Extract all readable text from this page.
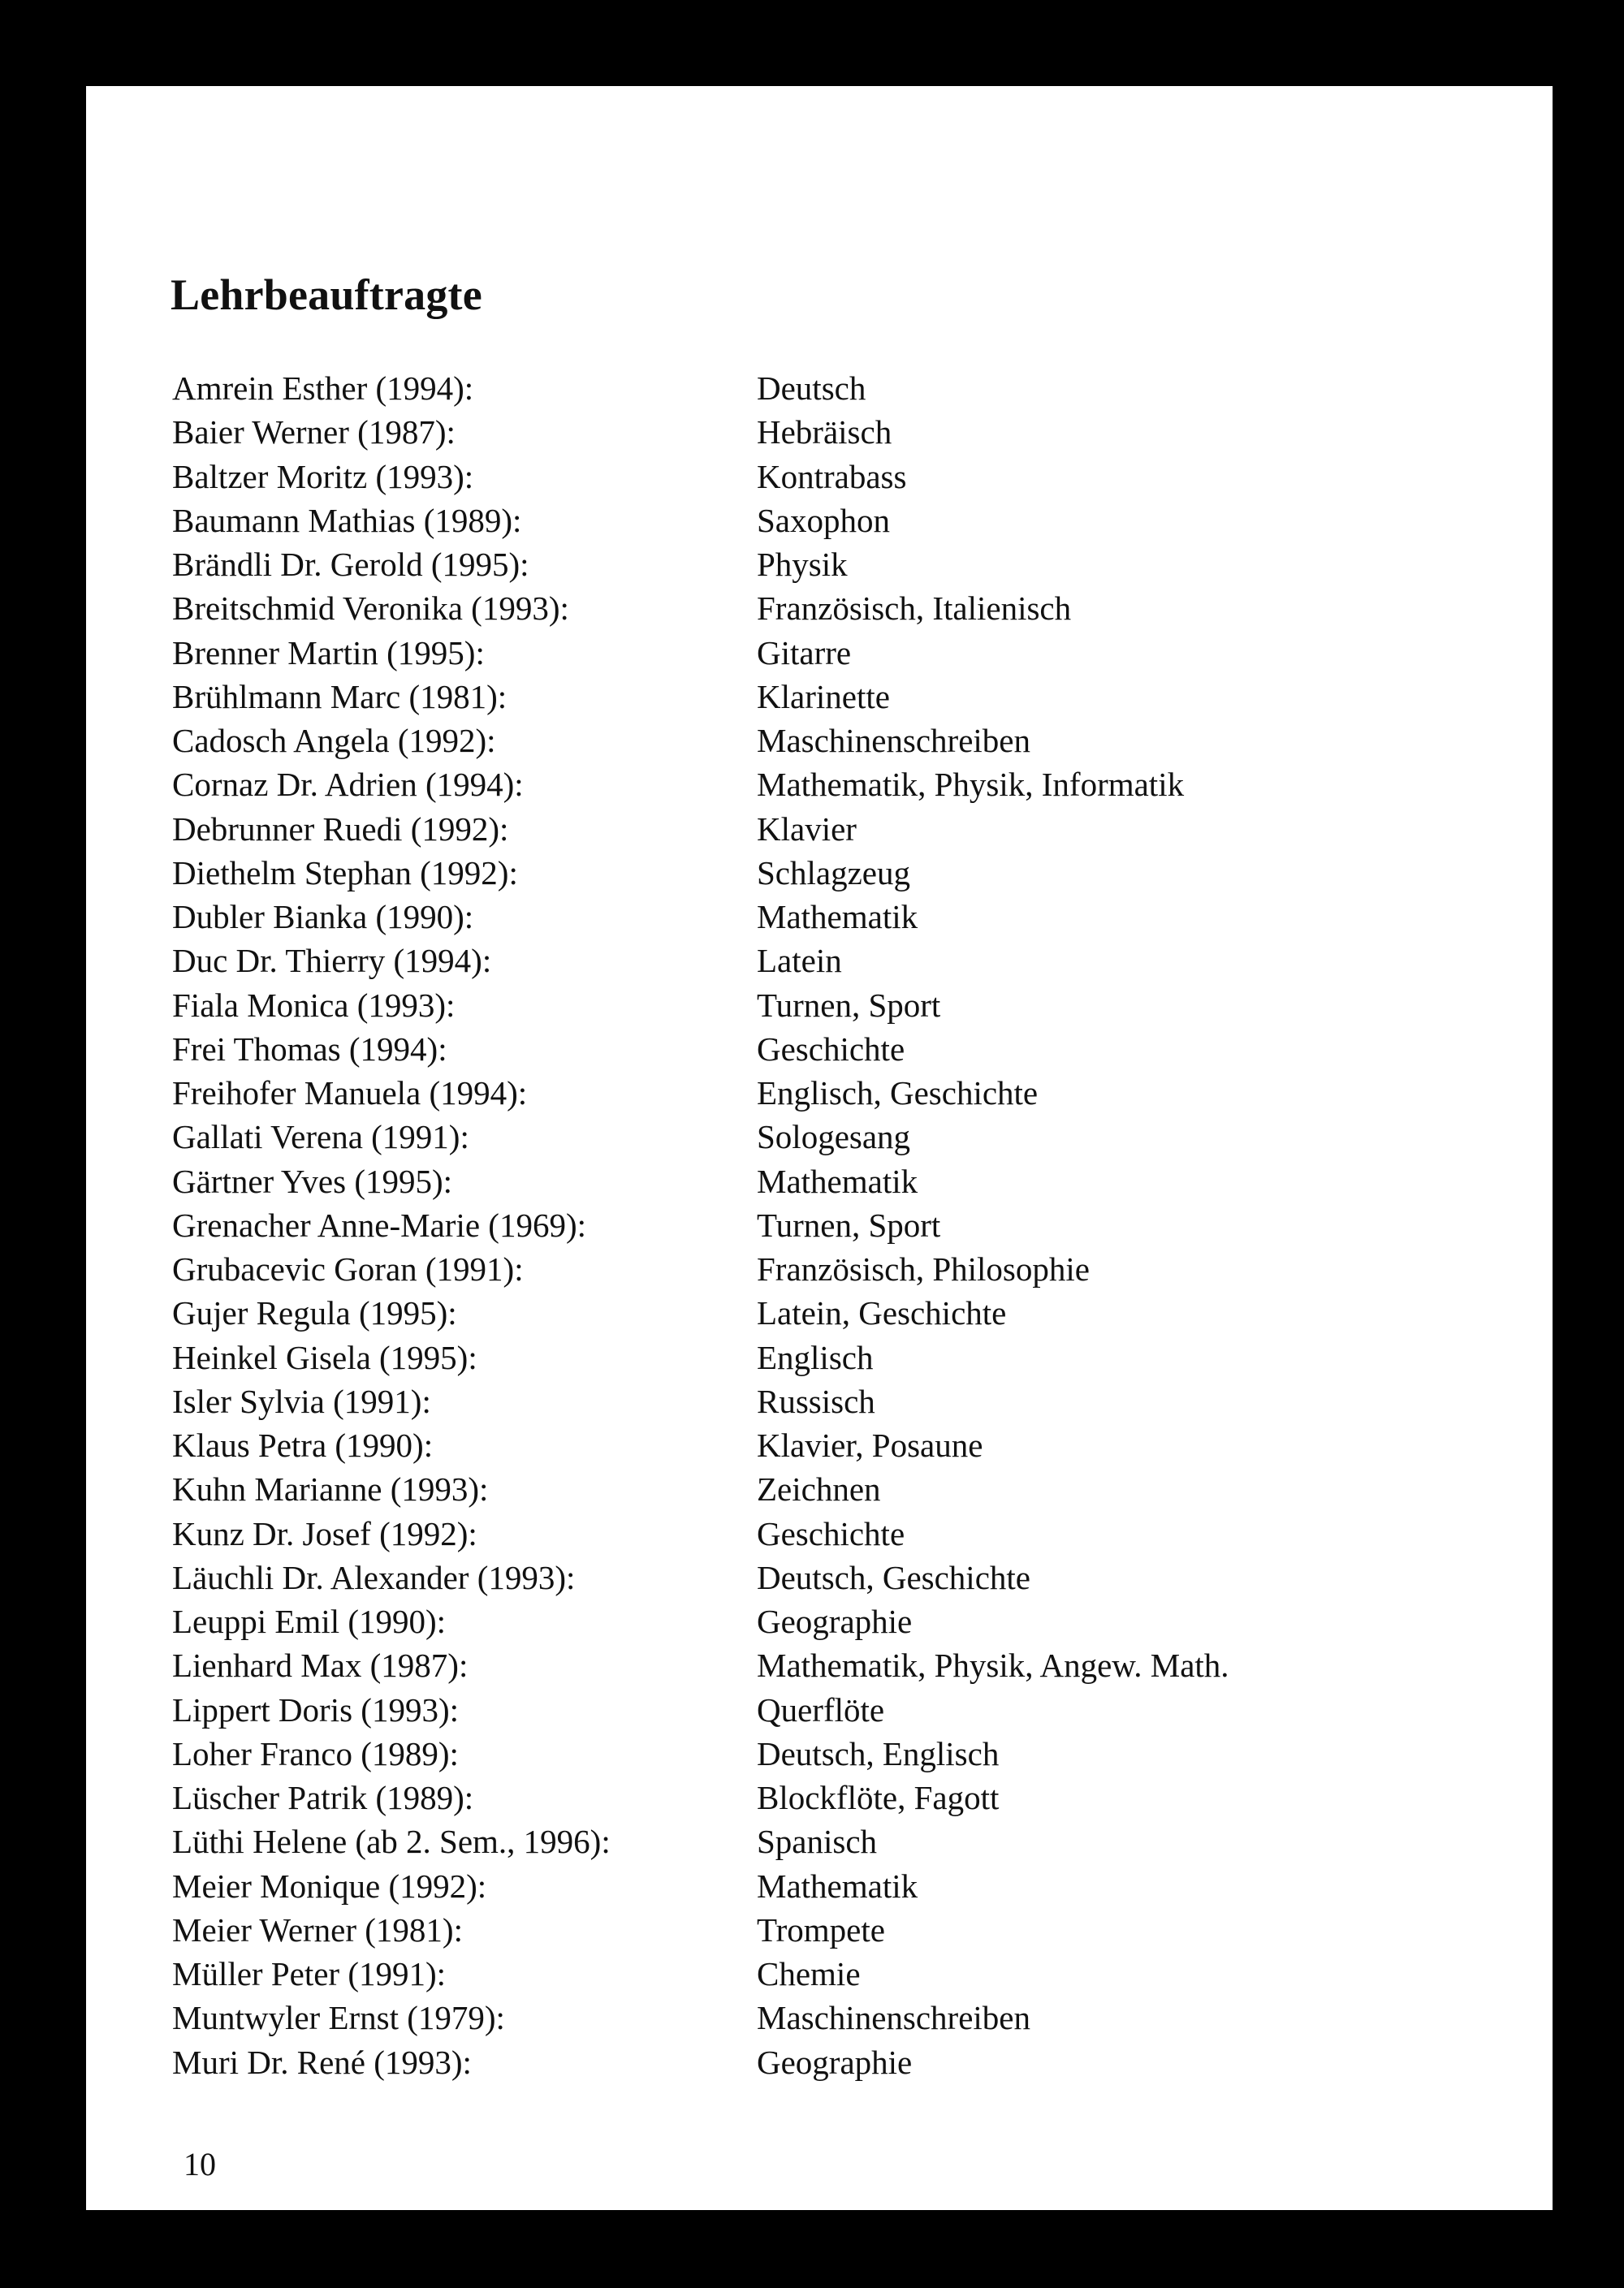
Lehrbeauftragte
Amrein Esther (1994):	Deutsch
Baier Werner (1987):	Hebräisch
Baltzer Moritz (1993):	Kontrabass
Baumann Mathias (1989):	Saxophon
Brändli Dr. Gerold (1995):	Physik
Breitschmid Veronika (1993):	Französisch, Italienisch
Brenner Martin (1995):	Gitarre
Brühlmann Marc (1981):	Klarinette
Cadosch Angela (1992):	Maschinenschreiben
Cornaz Dr. Adrien (1994):	Mathematik, Physik, Informatik
Debrunner Ruedi (1992):	Klavier
Diethelm Stephan (1992):	Schlagzeug
Dubler Bianka (1990):	Mathematik
Duc Dr. Thierry (1994):	Latein
Fiala Monica (1993):	Turnen, Sport
Frei Thomas (1994):	Geschichte
Freihofer Manuela (1994):	Englisch, Geschichte
Gallati Verena (1991):	Sologesang
Gärtner Yves (1995):	Mathematik
Grenacher Anne-Marie (1969):	Turnen, Sport
Grubacevic Goran (1991):	Französisch, Philosophie
Gujer Regula (1995):	Latein, Geschichte
Heinkel Gisela (1995):	Englisch
Isler Sylvia (1991):	Russisch
Klaus Petra (1990):	Klavier, Posaune
Kuhn Marianne (1993):	Zeichnen
Kunz Dr. Josef (1992):	Geschichte
Läuchli Dr. Alexander (1993):	Deutsch, Geschichte
Leuppi Emil (1990):	Geographie
Lienhard Max (1987):	Mathematik, Physik, Angew. Math.
Lippert Doris (1993):	Querflöte
Loher Franco (1989):	Deutsch, Englisch
Lüscher Patrik (1989):	Blockflöte, Fagott
Lüthi Helene (ab 2. Sem., 1996):	Spanisch
Meier Monique (1992):	Mathematik
Meier Werner (1981):	Trompete
Müller Peter (1991):	Chemie
Muntwyler Ernst (1979):	Maschinenschreiben
Muri Dr. René (1993):	Geographie
10
